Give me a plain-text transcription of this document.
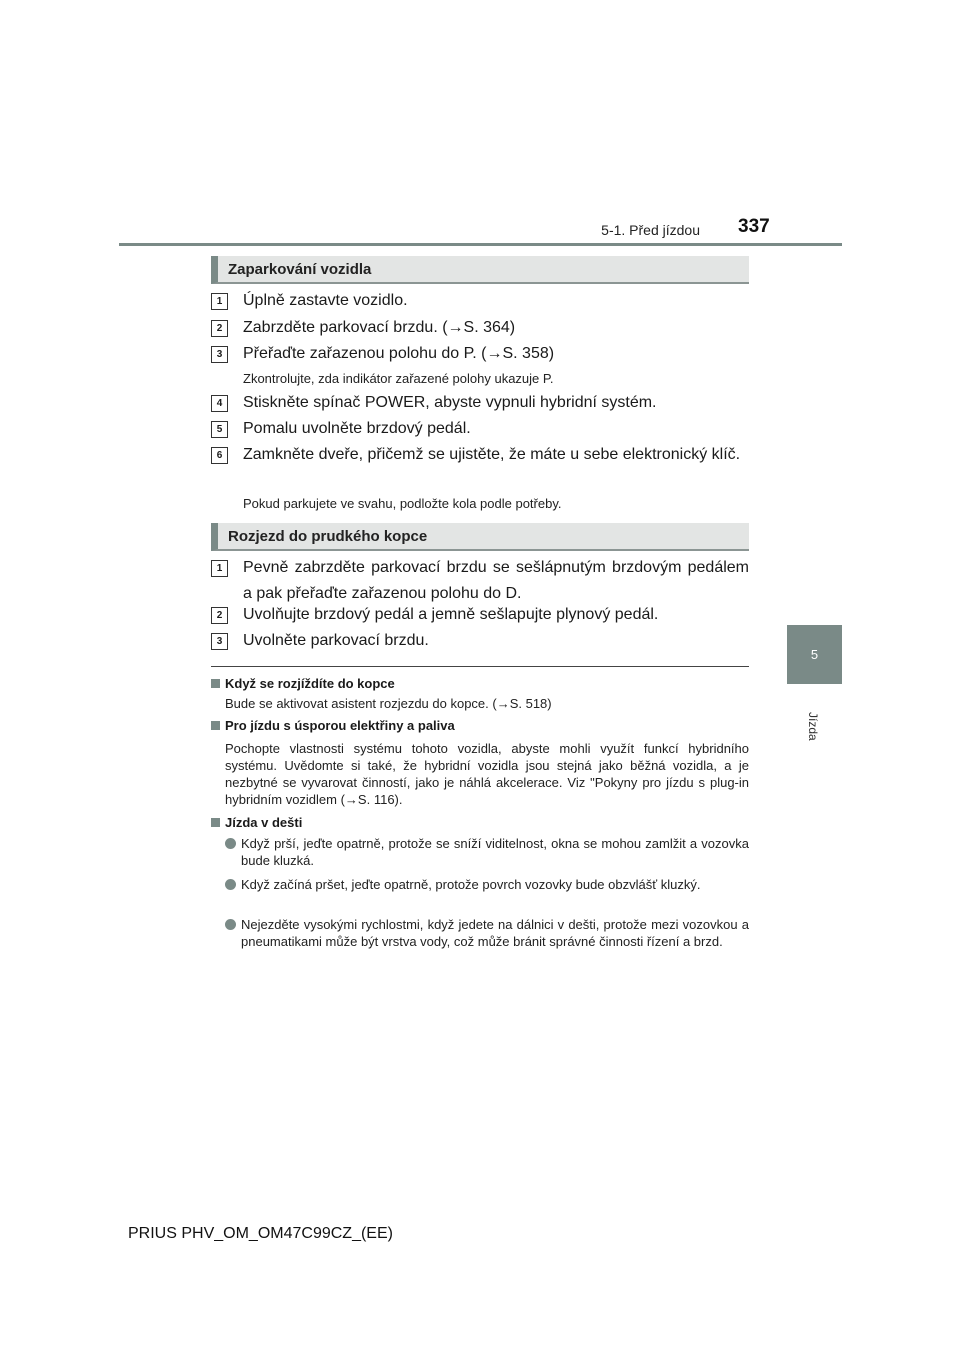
5-1. Před jízdou 337
5
Jízda
Zaparkování vozidla
1	Úplně zastavte vozidlo.
2	Zabrzděte parkovací brzdu. (→S. 364)
3	Přeřaďte zařazenou polohu do P. (→S. 358)
Zkontrolujte, zda indikátor zařazené polohy ukazuje P.
4	Stiskněte spínač POWER, abyste vypnuli hybridní systém.
5	Pomalu uvolněte brzdový pedál.
6	Zamkněte dveře, přičemž se ujistěte, že máte u sebe elektronický klíč.
Pokud parkujete ve svahu, podložte kola podle potřeby.
Rozjezd do prudkého kopce
1	Pevně zabrzděte parkovací brzdu se sešlápnutým brzdovým pedálem a pak přeřaďte zařazenou polohu do D.
2	Uvolňujte brzdový pedál a jemně sešlapujte plynový pedál.
3	Uvolněte parkovací brzdu.
Když se rozjíždíte do kopce
Bude se aktivovat asistent rozjezdu do kopce. (→S. 518)
Pro jízdu s úsporou elektřiny a paliva
Pochopte vlastnosti systému tohoto vozidla, abyste mohli využít funkcí hybridního systému. Uvědomte si také, že hybridní vozidla jsou stejná jako běžná vozidla, a je nezbytné se vyvarovat činností, jako je náhlá akcelerace. Viz "Pokyny pro jízdu s plug-in hybridním vozidlem (→S. 116).
Jízda v dešti
Když prší, jeďte opatrně, protože se sníží viditelnost, okna se mohou zamlžit a vozovka bude kluzká.
Když začíná pršet, jeďte opatrně, protože povrch vozovky bude obzvlášť kluzký.
Nejezděte vysokými rychlostmi, když jedete na dálnici v dešti, protože mezi vozovkou a pneumatikami může být vrstva vody, což může bránit správné činnosti řízení a brzd.
PRIUS PHV_OM_OM47C99CZ_(EE)
